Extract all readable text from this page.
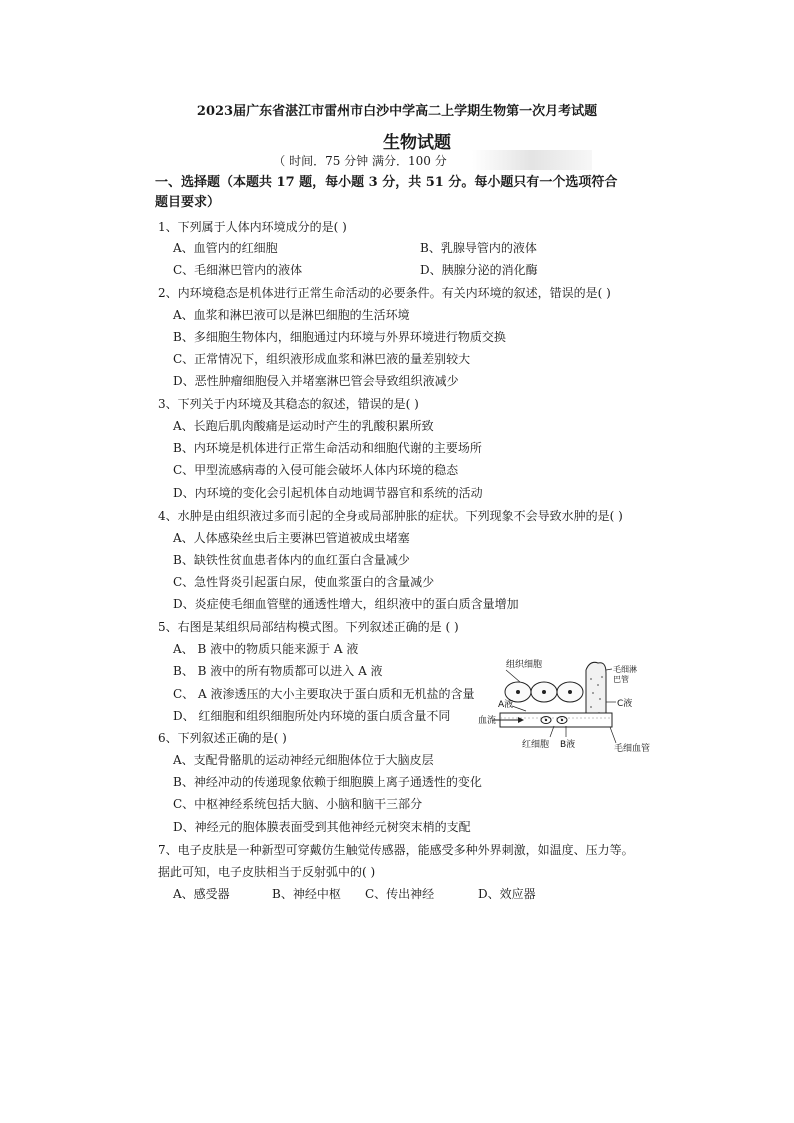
2023届广东省湛江市雷州市白沙中学高二上学期生物第一次月考试题
生物试题
（ 时间．75 分钟 满分．100 分
一、选择题（本题共 17 题，每小题 3 分，共 51 分。每小题只有一个选项符合
题目要求）
1、下列属于人体内环境成分的是( )
A、血管内的红细胞	B、乳腺导管内的液体
C、毛细淋巴管内的液体	D、胰腺分泌的消化酶
2、内环境稳态是机体进行正常生命活动的必要条件。有关内环境的叙述，错误的是( )
A、血浆和淋巴液可以是淋巴细胞的生活环境
B、多细胞生物体内，细胞通过内环境与外界环境进行物质交换
C、正常情况下，组织液形成血浆和淋巴液的量差别较大
D、恶性肿瘤细胞侵入并堵塞淋巴管会导致组织液减少
3、下列关于内环境及其稳态的叙述，错误的是( )
A、长跑后肌肉酸痛是运动时产生的乳酸积累所致
B、内环境是机体进行正常生命活动和细胞代谢的主要场所
C、甲型流感病毒的入侵可能会破坏人体内环境的稳态
D、内环境的变化会引起机体自动地调节器官和系统的活动
4、水肿是由组织液过多而引起的全身或局部肿胀的症状。下列现象不会导致水肿的是( )
A、人体感染丝虫后主要淋巴管道被成虫堵塞
B、缺铁性贫血患者体内的血红蛋白含量减少
C、急性肾炎引起蛋白尿，使血浆蛋白的含量减少
D、炎症使毛细血管壁的通透性增大，组织液中的蛋白质含量增加
5、右图是某组织局部结构模式图。下列叙述正确的是 ( )
A、 B 液中的物质只能来源于 A 液
B、 B 液中的所有物质都可以进入 A 液
C、 A 液渗透压的大小主要取决于蛋白质和无机盐的含量
D、 红细胞和组织细胞所处内环境的蛋白质含量不同
组织细胞	毛细淋
巴管
A液	C液
血流
红细胞 B液	毛细血管
6、下列叙述正确的是( )
A、支配骨骼肌的运动神经元细胞体位于大脑皮层
B、神经冲动的传递现象依赖于细胞膜上离子通透性的变化
C、中枢神经系统包括大脑、小脑和脑干三部分
D、神经元的胞体膜表面受到其他神经元树突末梢的支配
7、电子皮肤是一种新型可穿戴仿生触觉传感器，能感受多种外界刺激，如温度、压力等。
据此可知，电子皮肤相当于反射弧中的( )
A、感受器	B、神经中枢 C、传出神经	D、效应器
